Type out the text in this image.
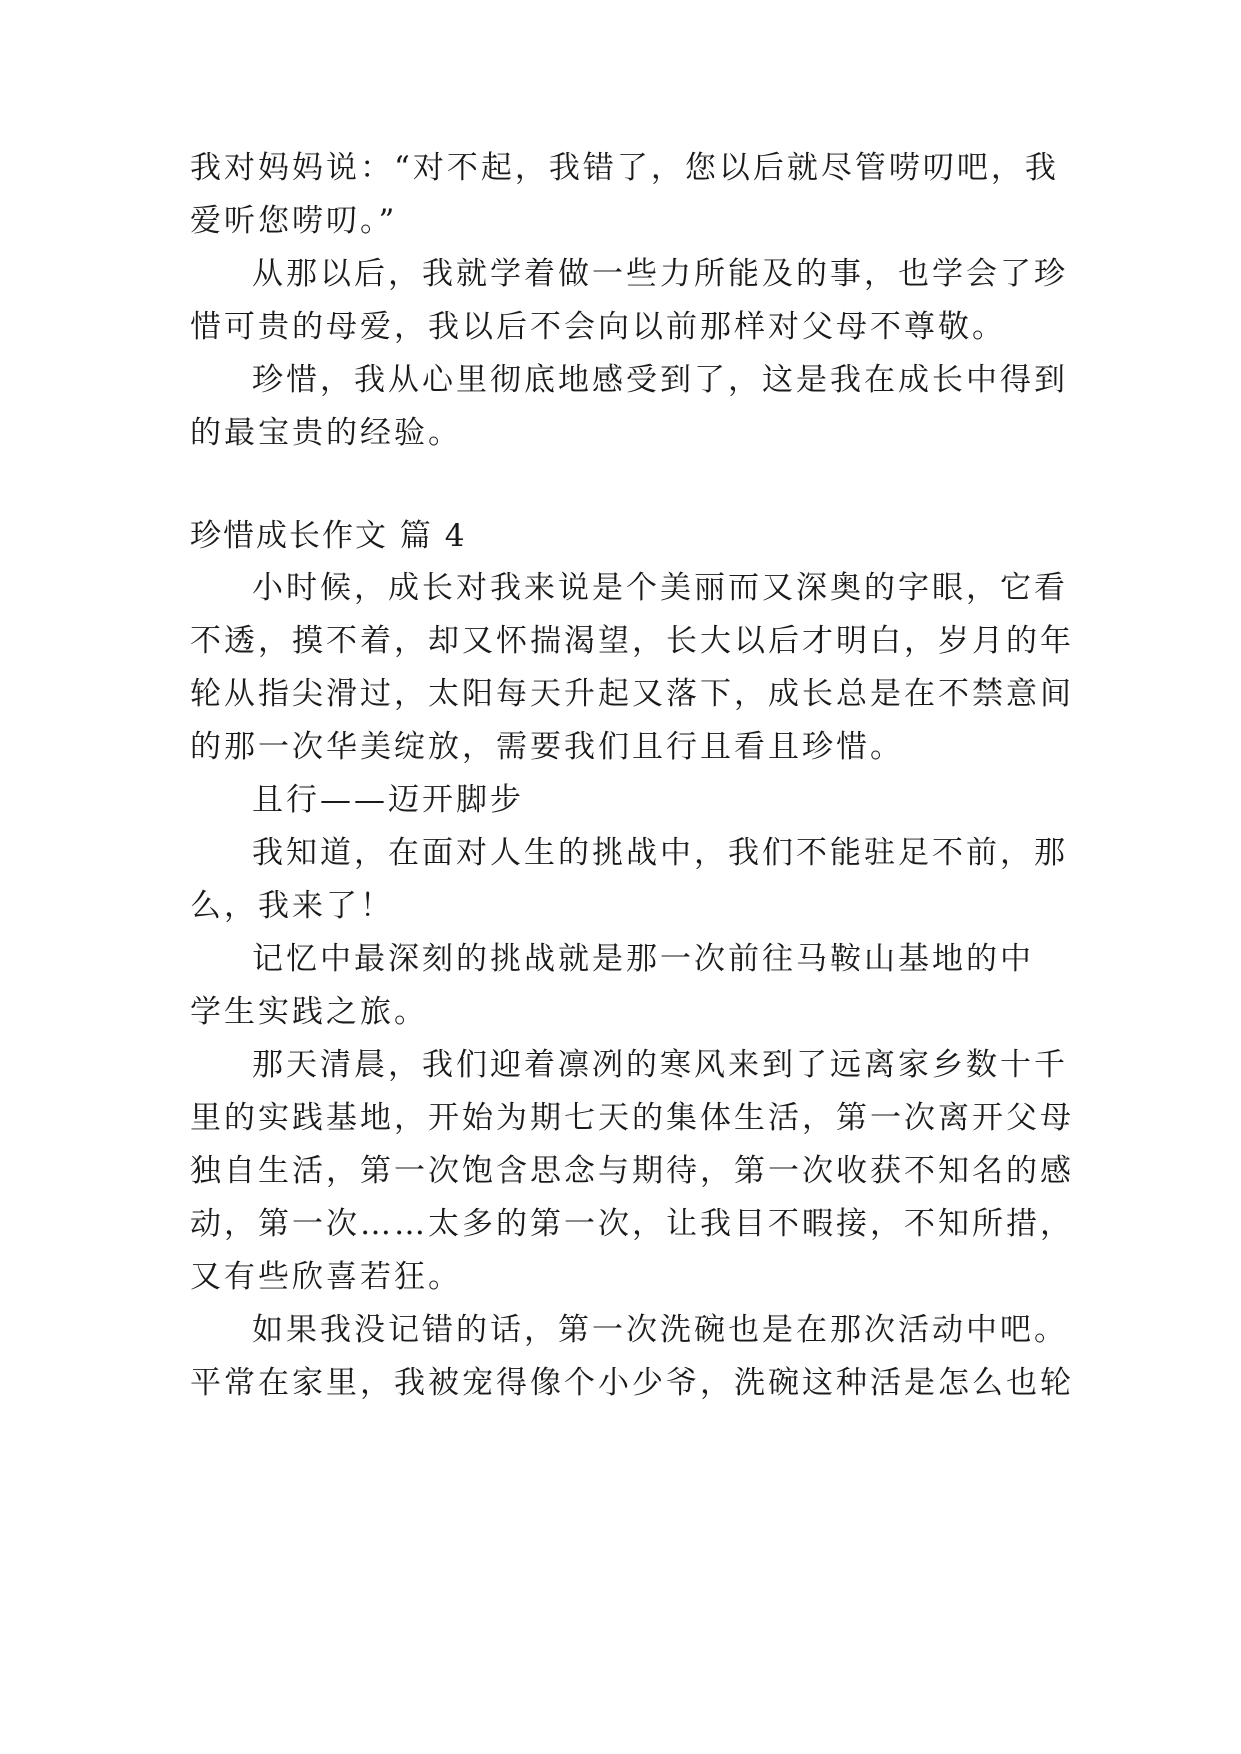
我对妈妈说：“对不起，我错了，您以后就尽管唠叨吧，我
爱听您唠叨。”
从那以后，我就学着做一些力所能及的事，也学会了珍
惜可贵的母爱，我以后不会向以前那样对父母不尊敬。
珍惜，我从心里彻底地感受到了，这是我在成长中得到
的最宝贵的经验。
珍惜成长作文 篇 4
小时候，成长对我来说是个美丽而又深奥的字眼，它看
不透，摸不着，却又怀揣渴望，长大以后才明白，岁月的年
轮从指尖滑过，太阳每天升起又落下，成长总是在不禁意间
的那一次华美绽放，需要我们且行且看且珍惜。
且行——迈开脚步
我知道，在面对人生的挑战中，我们不能驻足不前，那
么，我来了！
记忆中最深刻的挑战就是那一次前往马鞍山基地的中
学生实践之旅。
那天清晨，我们迎着凛冽的寒风来到了远离家乡数十千
里的实践基地，开始为期七天的集体生活，第一次离开父母
独自生活，第一次饱含思念与期待，第一次收获不知名的感
动，第一次……太多的第一次，让我目不暇接，不知所措，
又有些欣喜若狂。
如果我没记错的话，第一次洗碗也是在那次活动中吧。
平常在家里，我被宠得像个小少爷，洗碗这种活是怎么也轮
